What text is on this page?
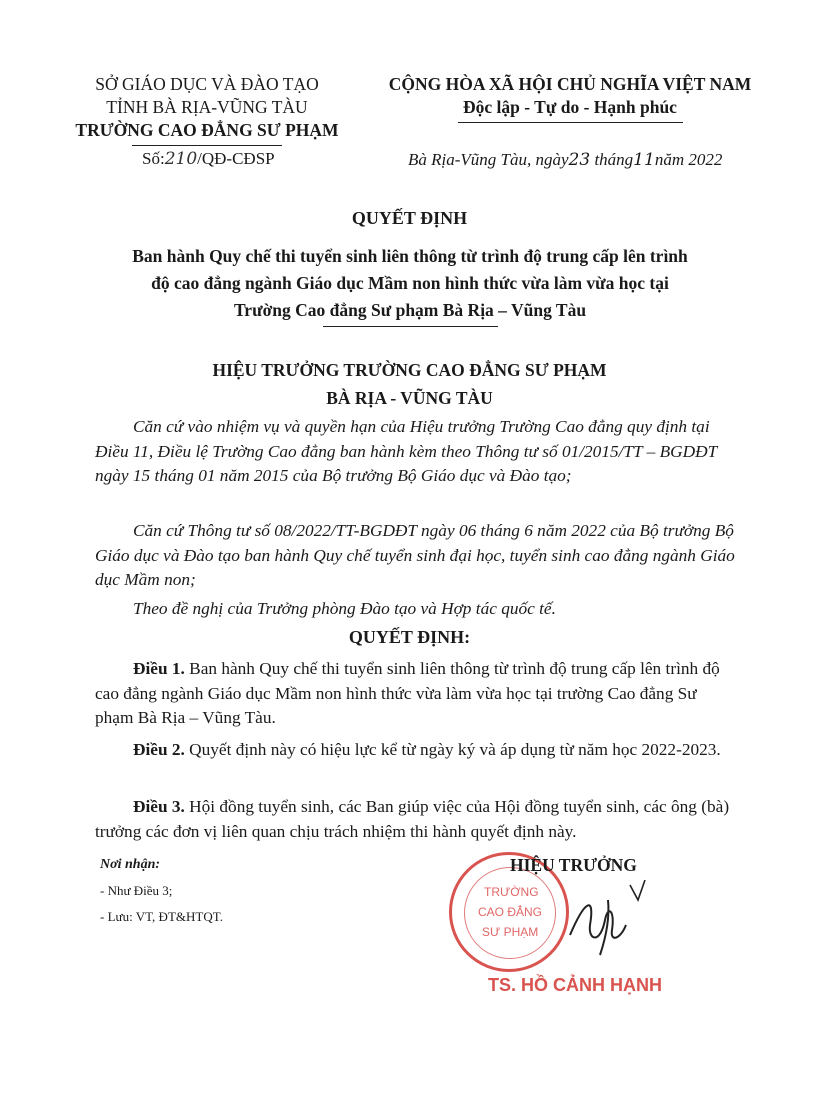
SỞ GIÁO DỤC VÀ ĐÀO TẠO
TỈNH BÀ RỊA-VŨNG TÀU
TRƯỜNG CAO ĐẲNG SƯ PHẠM
Số:210/QĐ-CĐSP
CỘNG HÒA XÃ HỘI CHỦ NGHĨA VIỆT NAM
Độc lập - Tự do - Hạnh phúc
Bà Rịa-Vũng Tàu, ngày23 tháng11năm 2022
QUYẾT ĐỊNH
Ban hành Quy chế thi tuyển sinh liên thông từ trình độ trung cấp lên trình
độ cao đẳng ngành Giáo dục Mầm non hình thức vừa làm vừa học tại
Trường Cao đẳng Sư phạm Bà Rịa – Vũng Tàu
HIỆU TRƯỞNG TRƯỜNG CAO ĐẲNG SƯ PHẠM
BÀ RỊA - VŨNG TÀU
Căn cứ vào nhiệm vụ và quyền hạn của Hiệu trưởng Trường Cao đẳng quy định tại Điều 11, Điều lệ Trường Cao đẳng ban hành kèm theo Thông tư số 01/2015/TT – BGDĐT ngày 15 tháng 01 năm 2015 của Bộ trưởng Bộ Giáo dục và Đào tạo;
Căn cứ Thông tư số 08/2022/TT-BGDĐT ngày 06 tháng 6 năm 2022 của Bộ trưởng Bộ Giáo dục và Đào tạo ban hành Quy chế tuyển sinh đại học, tuyển sinh cao đẳng ngành Giáo dục Mầm non;
Theo đề nghị của Trưởng phòng Đào tạo và Hợp tác quốc tế.
QUYẾT ĐỊNH:
Điều 1. Ban hành Quy chế thi tuyển sinh liên thông từ trình độ trung cấp lên trình độ cao đẳng ngành Giáo dục Mầm non hình thức vừa làm vừa học tại trường Cao đẳng Sư phạm Bà Rịa – Vũng Tàu.
Điều 2. Quyết định này có hiệu lực kể từ ngày ký và áp dụng từ năm học 2022-2023.
Điều 3. Hội đồng tuyển sinh, các Ban giúp việc của Hội đồng tuyển sinh, các ông (bà) trưởng các đơn vị liên quan chịu trách nhiệm thi hành quyết định này.
Nơi nhận:
- Như Điều 3;
- Lưu: VT, ĐT&HTQT.
TRƯỜNG
CAO ĐẲNG
SƯ PHẠM
HIỆU TRƯỞNG
TS. HỒ CẢNH HẠNH
